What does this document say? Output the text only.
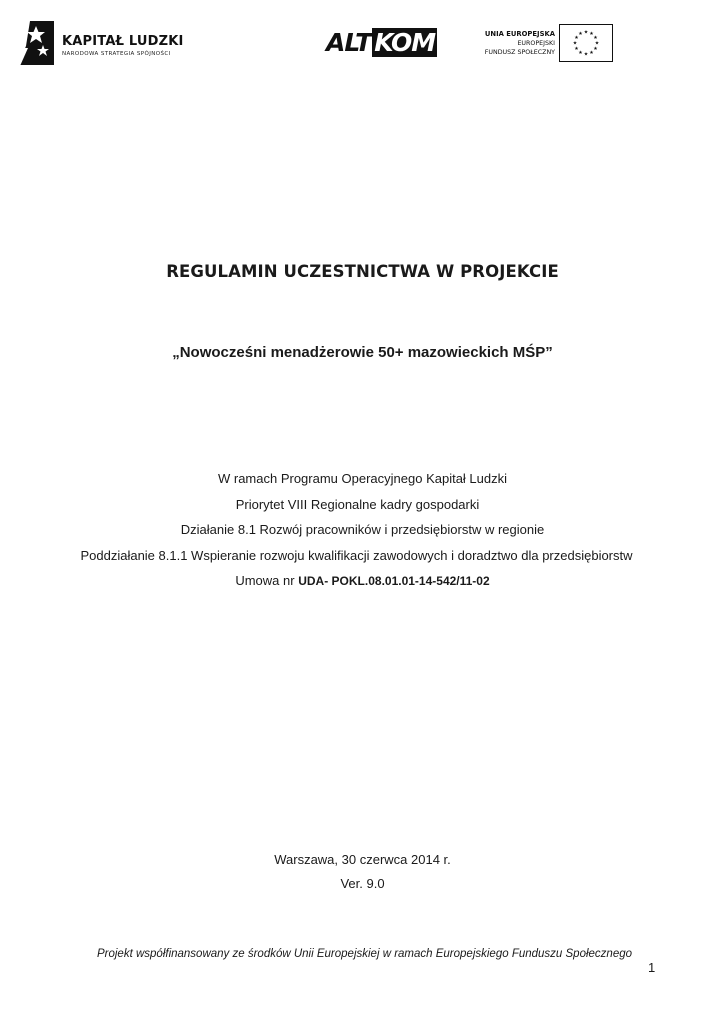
KAPITAŁ LUDZKI
NARODOWA STRATEGIA SPÓJNOŚCI	ALT KOM	UNIA EUROPEJSKA
EUROPEJSKI
FUNDUSZ SPOŁECZNY
★ ★
★
★
★
★
★
★
★
★
★
★
REGULAMIN UCZESTNICTWA W PROJEKCIE
„Nowocześni menadżerowie 50+ mazowieckich MŚP”
W ramach Programu Operacyjnego Kapitał Ludzki
Priorytet VIII Regionalne kadry gospodarki
Działanie 8.1 Rozwój pracowników i przedsiębiorstw w regionie
Poddziałanie 8.1.1 Wspieranie rozwoju kwalifikacji zawodowych i doradztwo dla przedsiębiorstw
Umowa nr UDA- POKL.08.01.01-14-542/11-02
Warszawa, 30 czerwca 2014 r.
Ver. 9.0
Projekt współfinansowany ze środków Unii Europejskiej w ramach Europejskiego Funduszu Społecznego
1
